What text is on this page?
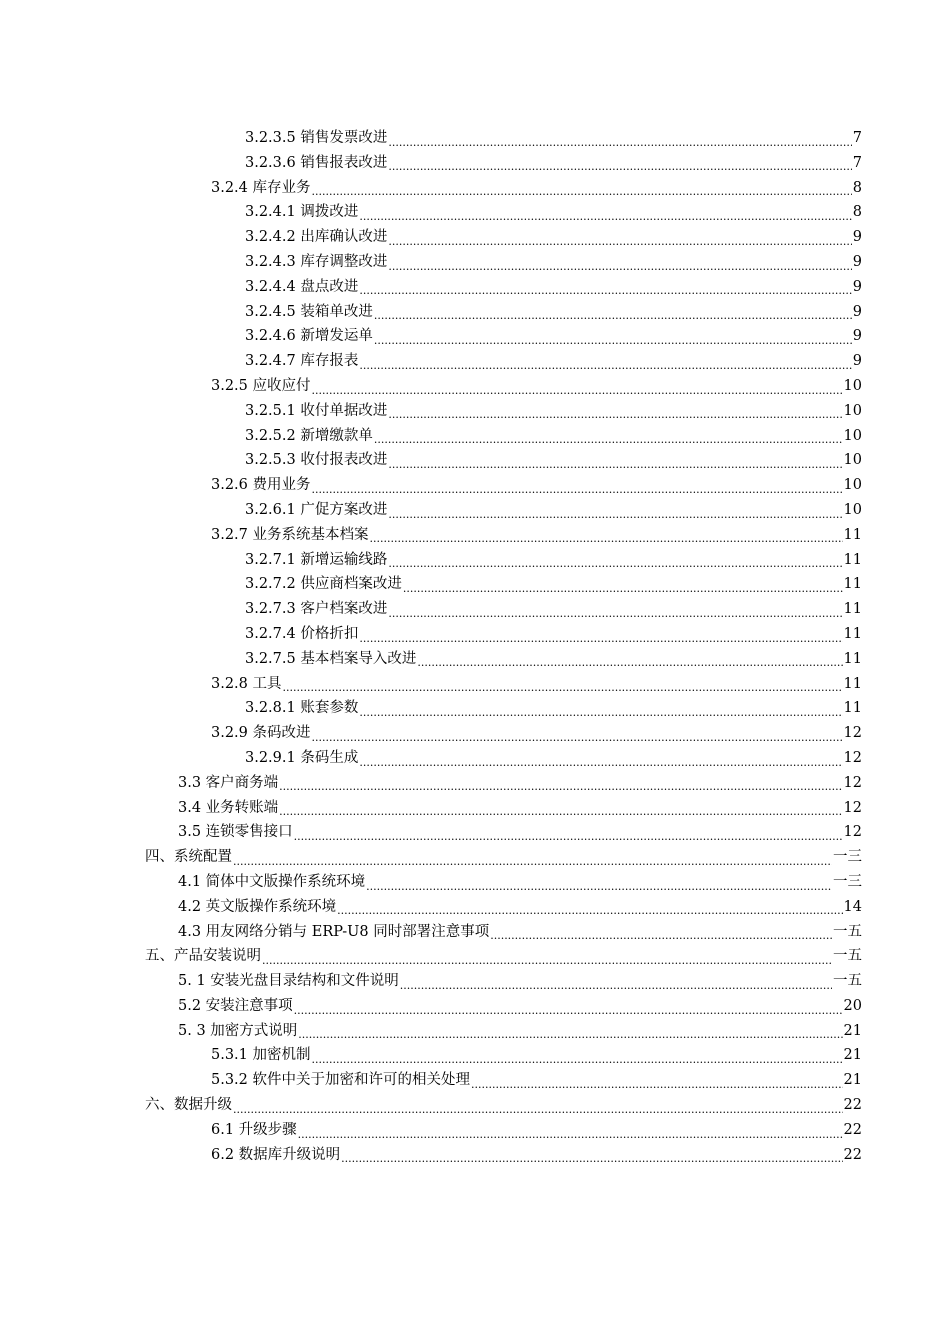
3.2.3.5 销售发票改进 .....	7
3.2.3.6 销售报表改进 .....	7
3.2.4 库存业务 .....	8
3.2.4.1 调拨改进 .....	8
3.2.4.2 出库确认改进 .....	9
3.2.4.3 库存调整改进 .....	9
3.2.4.4 盘点改进 .....	9
3.2.4.5 装箱单改进 .....	9
3.2.4.6 新增发运单 .....	9
3.2.4.7 库存报表 .....	9
3.2.5 应收应付 .....	10
3.2.5.1 收付单据改进 .....	10
3.2.5.2 新增缴款单 .....	10
3.2.5.3 收付报表改进 .....	10
3.2.6 费用业务 .....	10
3.2.6.1 广促方案改进 .....	10
3.2.7 业务系统基本档案 .....	11
3.2.7.1 新增运输线路 .....	11
3.2.7.2 供应商档案改进 .....	11
3.2.7.3 客户档案改进 .....	11
3.2.7.4 价格折扣 .....	11
3.2.7.5 基本档案导入改进 .....	11
3.2.8 工具 .....	11
3.2.8.1 账套参数 .....	11
3.2.9 条码改进 .....	12
3.2.9.1 条码生成 .....	12
3.3 客户商务端 .....	12
3.4 业务转账端 .....	12
3.5 连锁零售接口 .....	12
四、系统配置 .....	一三
4.1 简体中文版操作系统环境 .....	一三
4.2 英文版操作系统环境 .....	14
4.3 用友网络分销与 ERP-U8 同时部署注意事项 .....	一五
五、产品安装说明 .....	一五
5. 1 安装光盘目录结构和文件说明 .....	一五
5.2 安装注意事项 .....	20
5. 3 加密方式说明 .....	21
5.3.1 加密机制 .....	21
5.3.2 软件中关于加密和许可的相关处理 .....	21
六、数据升级 .....	22
6.1 升级步骤 .....	22
6.2 数据库升级说明 .....	22
